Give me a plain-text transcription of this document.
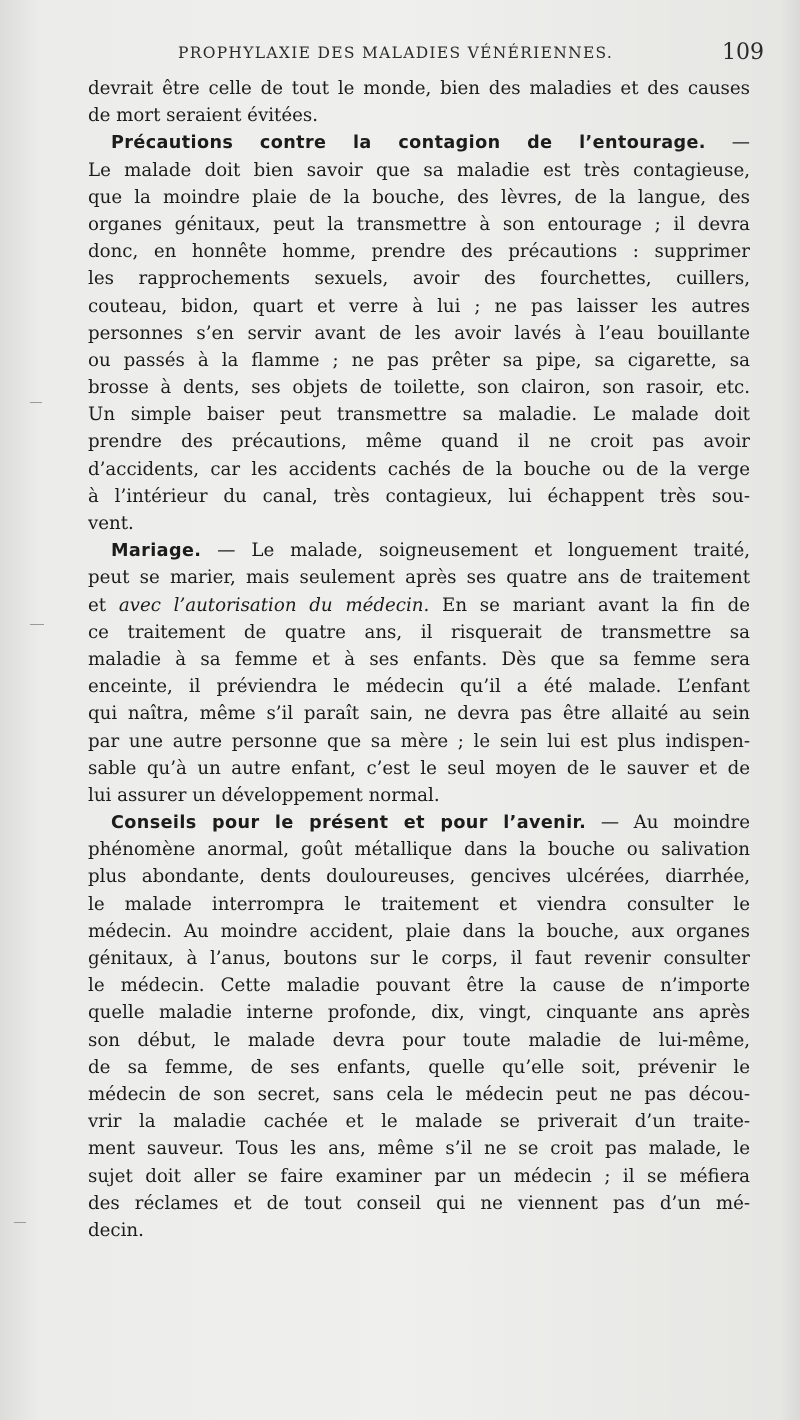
PROPHYLAXIE DES MALADIES VÉNÉRIENNES.	109
devrait être celle de tout le monde, bien des maladies et des causes
de mort seraient évitées.
Précautions contre la contagion de l’entourage. —
Le malade doit bien savoir que sa maladie est très contagieuse,
que la moindre plaie de la bouche, des lèvres, de la langue, des
organes génitaux, peut la transmettre à son entourage ; il devra
donc, en honnête homme, prendre des précautions : supprimer
les rapprochements sexuels, avoir des fourchettes, cuillers,
couteau, bidon, quart et verre à lui ; ne pas laisser les autres
personnes s’en servir avant de les avoir lavés à l’eau bouillante
ou passés à la flamme ; ne pas prêter sa pipe, sa cigarette, sa
brosse à dents, ses objets de toilette, son clairon, son rasoir, etc.
Un simple baiser peut transmettre sa maladie. Le malade doit
prendre des précautions, même quand il ne croit pas avoir
d’accidents, car les accidents cachés de la bouche ou de la verge
à l’intérieur du canal, très contagieux, lui échappent très sou-
vent.
Mariage. — Le malade, soigneusement et longuement traité,
peut se marier, mais seulement après ses quatre ans de traitement
et avec l’autorisation du médecin. En se mariant avant la fin de
ce traitement de quatre ans, il risquerait de transmettre sa
maladie à sa femme et à ses enfants. Dès que sa femme sera
enceinte, il préviendra le médecin qu’il a été malade. L’enfant
qui naîtra, même s’il paraît sain, ne devra pas être allaité au sein
par une autre personne que sa mère ; le sein lui est plus indispen-
sable qu’à un autre enfant, c’est le seul moyen de le sauver et de
lui assurer un développement normal.
Conseils pour le présent et pour l’avenir. — Au moindre
phénomène anormal, goût métallique dans la bouche ou salivation
plus abondante, dents douloureuses, gencives ulcérées, diarrhée,
le malade interrompra le traitement et viendra consulter le
médecin. Au moindre accident, plaie dans la bouche, aux organes
génitaux, à l’anus, boutons sur le corps, il faut revenir consulter
le médecin. Cette maladie pouvant être la cause de n’importe
quelle maladie interne profonde, dix, vingt, cinquante ans après
son début, le malade devra pour toute maladie de lui-même,
de sa femme, de ses enfants, quelle qu’elle soit, prévenir le
médecin de son secret, sans cela le médecin peut ne pas décou-
vrir la maladie cachée et le malade se priverait d’un traite-
ment sauveur. Tous les ans, même s’il ne se croit pas malade, le
sujet doit aller se faire examiner par un médecin ; il se méfiera
des réclames et de tout conseil qui ne viennent pas d’un mé-
decin.
